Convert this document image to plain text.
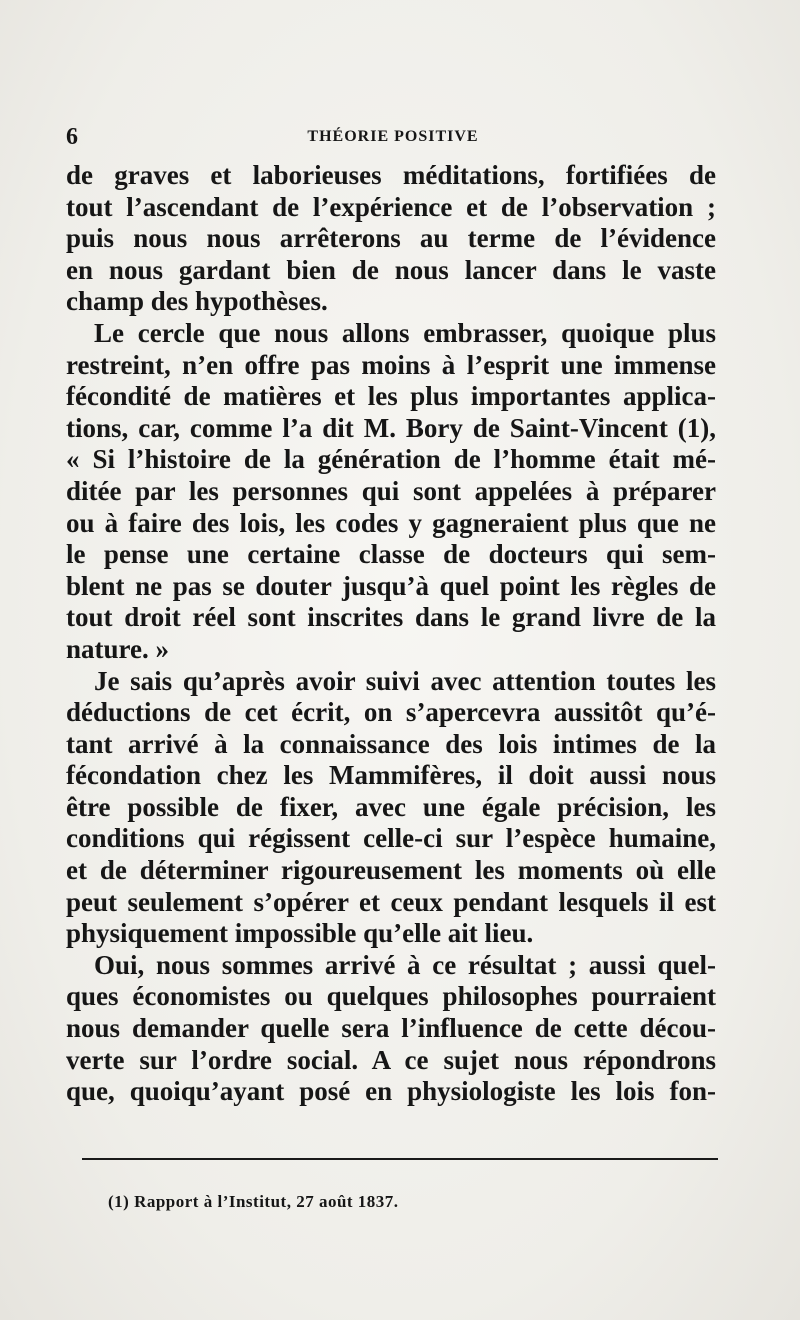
6	THÉORIE POSITIVE
de graves et laborieuses méditations, fortifiées de
tout l’ascendant de l’expérience et de l’observation ;
puis nous nous arrêterons au terme de l’évidence
en nous gardant bien de nous lancer dans le vaste
champ des hypothèses.
Le cercle que nous allons embrasser, quoique plus
restreint, n’en offre pas moins à l’esprit une immense
fécondité de matières et les plus importantes applica-
tions, car, comme l’a dit M. Bory de Saint-Vincent (1),
« Si l’histoire de la génération de l’homme était mé-
ditée par les personnes qui sont appelées à préparer
ou à faire des lois, les codes y gagneraient plus que ne
le pense une certaine classe de docteurs qui sem-
blent ne pas se douter jusqu’à quel point les règles de
tout droit réel sont inscrites dans le grand livre de la
nature. »
Je sais qu’après avoir suivi avec attention toutes les
déductions de cet écrit, on s’apercevra aussitôt qu’é-
tant arrivé à la connaissance des lois intimes de la
fécondation chez les Mammifères, il doit aussi nous
être possible de fixer, avec une égale précision, les
conditions qui régissent celle-ci sur l’espèce humaine,
et de déterminer rigoureusement les moments où elle
peut seulement s’opérer et ceux pendant lesquels il est
physiquement impossible qu’elle ait lieu.
Oui, nous sommes arrivé à ce résultat ; aussi quel-
ques économistes ou quelques philosophes pourraient
nous demander quelle sera l’influence de cette décou-
verte sur l’ordre social. A ce sujet nous répondrons
que, quoiqu’ayant posé en physiologiste les lois fon-
(1) Rapport à l’Institut, 27 août 1837.
